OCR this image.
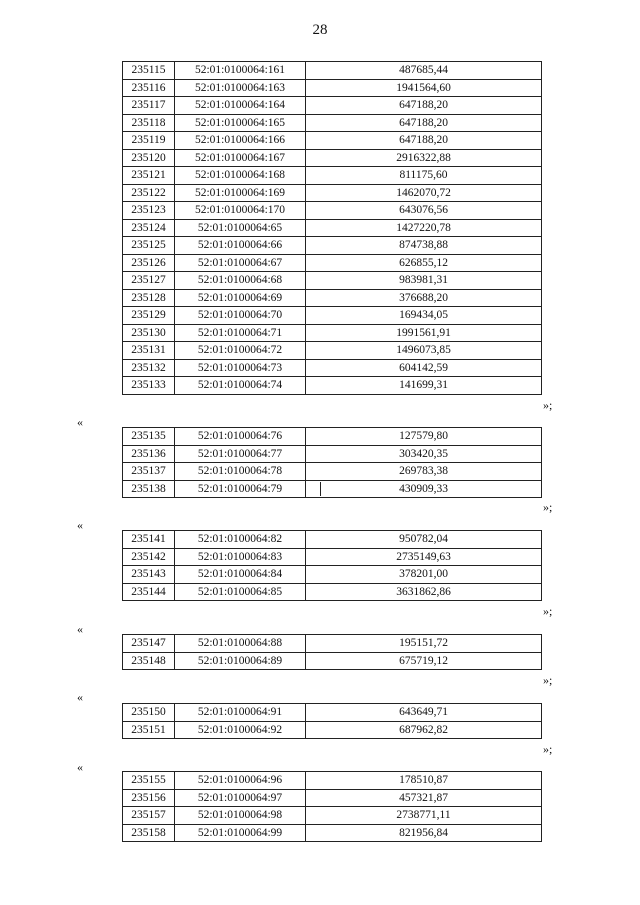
28
235115	52:01:0100064:161	487685,44
235116	52:01:0100064:163	1941564,60
235117	52:01:0100064:164	647188,20
235118	52:01:0100064:165	647188,20
235119	52:01:0100064:166	647188,20
235120	52:01:0100064:167	2916322,88
235121	52:01:0100064:168	811175,60
235122	52:01:0100064:169	1462070,72
235123	52:01:0100064:170	643076,56
235124	52:01:0100064:65	1427220,78
235125	52:01:0100064:66	874738,88
235126	52:01:0100064:67	626855,12
235127	52:01:0100064:68	983981,31
235128	52:01:0100064:69	376688,20
235129	52:01:0100064:70	169434,05
235130	52:01:0100064:71	1991561,91
235131	52:01:0100064:72	1496073,85
235132	52:01:0100064:73	604142,59
235133	52:01:0100064:74	141699,31
»;
«
235135	52:01:0100064:76	127579,80
235136	52:01:0100064:77	303420,35
235137	52:01:0100064:78	269783,38
235138	52:01:0100064:79	430909,33
»;
«
235141	52:01:0100064:82	950782,04
235142	52:01:0100064:83	2735149,63
235143	52:01:0100064:84	378201,00
235144	52:01:0100064:85	3631862,86
»;
«
235147	52:01:0100064:88	195151,72
235148	52:01:0100064:89	675719,12
»;
«
235150	52:01:0100064:91	643649,71
235151	52:01:0100064:92	687962,82
»;
«
235155	52:01:0100064:96	178510,87
235156	52:01:0100064:97	457321,87
235157	52:01:0100064:98	2738771,11
235158	52:01:0100064:99	821956,84
